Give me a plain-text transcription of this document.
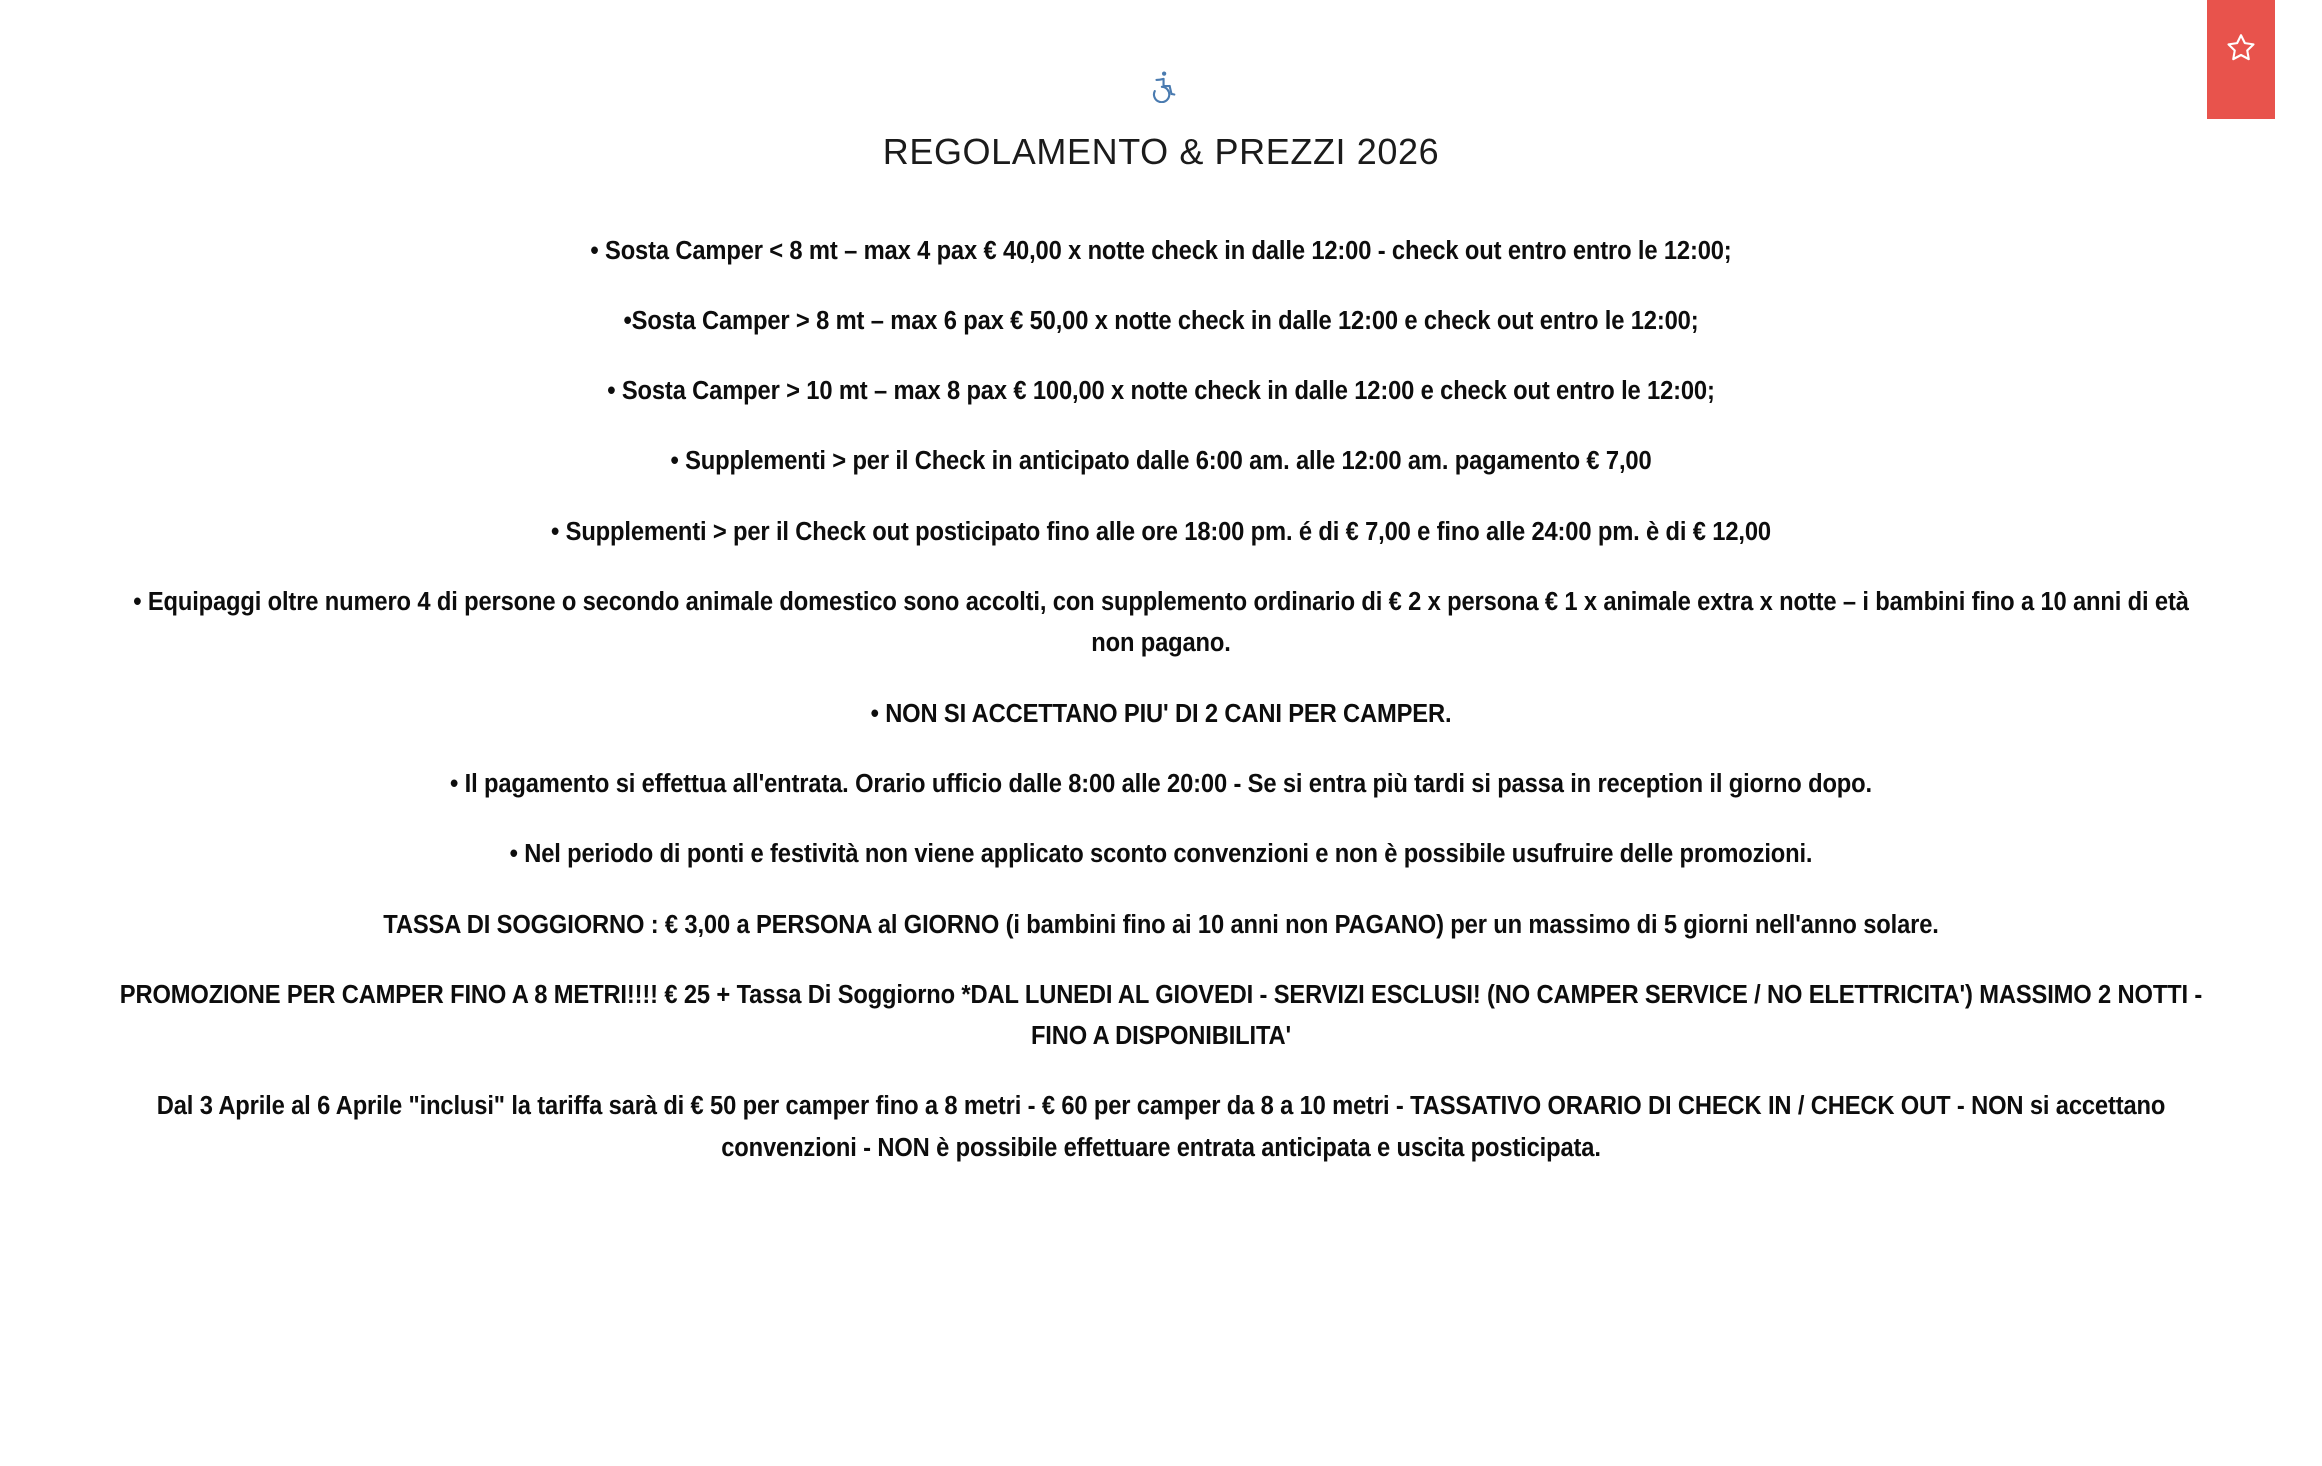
REGOLAMENTO & PREZZI 2026

• Sosta Camper < 8 mt – max 4 pax € 40,00 x notte check in dalle 12:00 - check out entro entro le 12:00;

•Sosta Camper > 8 mt – max 6 pax € 50,00 x notte check in dalle 12:00 e check out entro le 12:00;

• Sosta Camper > 10 mt – max 8 pax € 100,00 x notte check in dalle 12:00 e check out entro le 12:00;

• Supplementi > per il Check in anticipato dalle 6:00 am. alle 12:00 am. pagamento € 7,00

• Supplementi > per il Check out posticipato fino alle ore 18:00 pm. é di € 7,00 e fino alle 24:00 pm. è di € 12,00

• Equipaggi oltre numero 4 di persone o secondo animale domestico sono accolti, con supplemento ordinario di € 2 x persona € 1 x animale extra x notte – i bambini fino a 10 anni di età non pagano.

• NON SI ACCETTANO PIU' DI 2 CANI PER CAMPER.

• Il pagamento si effettua all'entrata. Orario ufficio dalle 8:00 alle 20:00 - Se si entra più tardi si passa in reception il giorno dopo.

• Nel periodo di ponti e festività non viene applicato sconto convenzioni e non è possibile usufruire delle promozioni.

TASSA DI SOGGIORNO : € 3,00 a PERSONA al GIORNO (i bambini fino ai 10 anni non PAGANO) per un massimo di 5 giorni nell'anno solare.

PROMOZIONE PER CAMPER FINO A 8 METRI!!!! € 25 + Tassa Di Soggiorno *DAL LUNEDI AL GIOVEDI - SERVIZI ESCLUSI! (NO CAMPER SERVICE / NO ELETTRICITA') MASSIMO 2 NOTTI - FINO A DISPONIBILITA'

Dal 3 Aprile al 6 Aprile "inclusi" la tariffa sarà di € 50 per camper fino a 8 metri - € 60 per camper da 8 a 10 metri - TASSATIVO ORARIO DI CHECK IN / CHECK OUT - NON si accettano convenzioni - NON è possibile effettuare entrata anticipata e uscita posticipata.
